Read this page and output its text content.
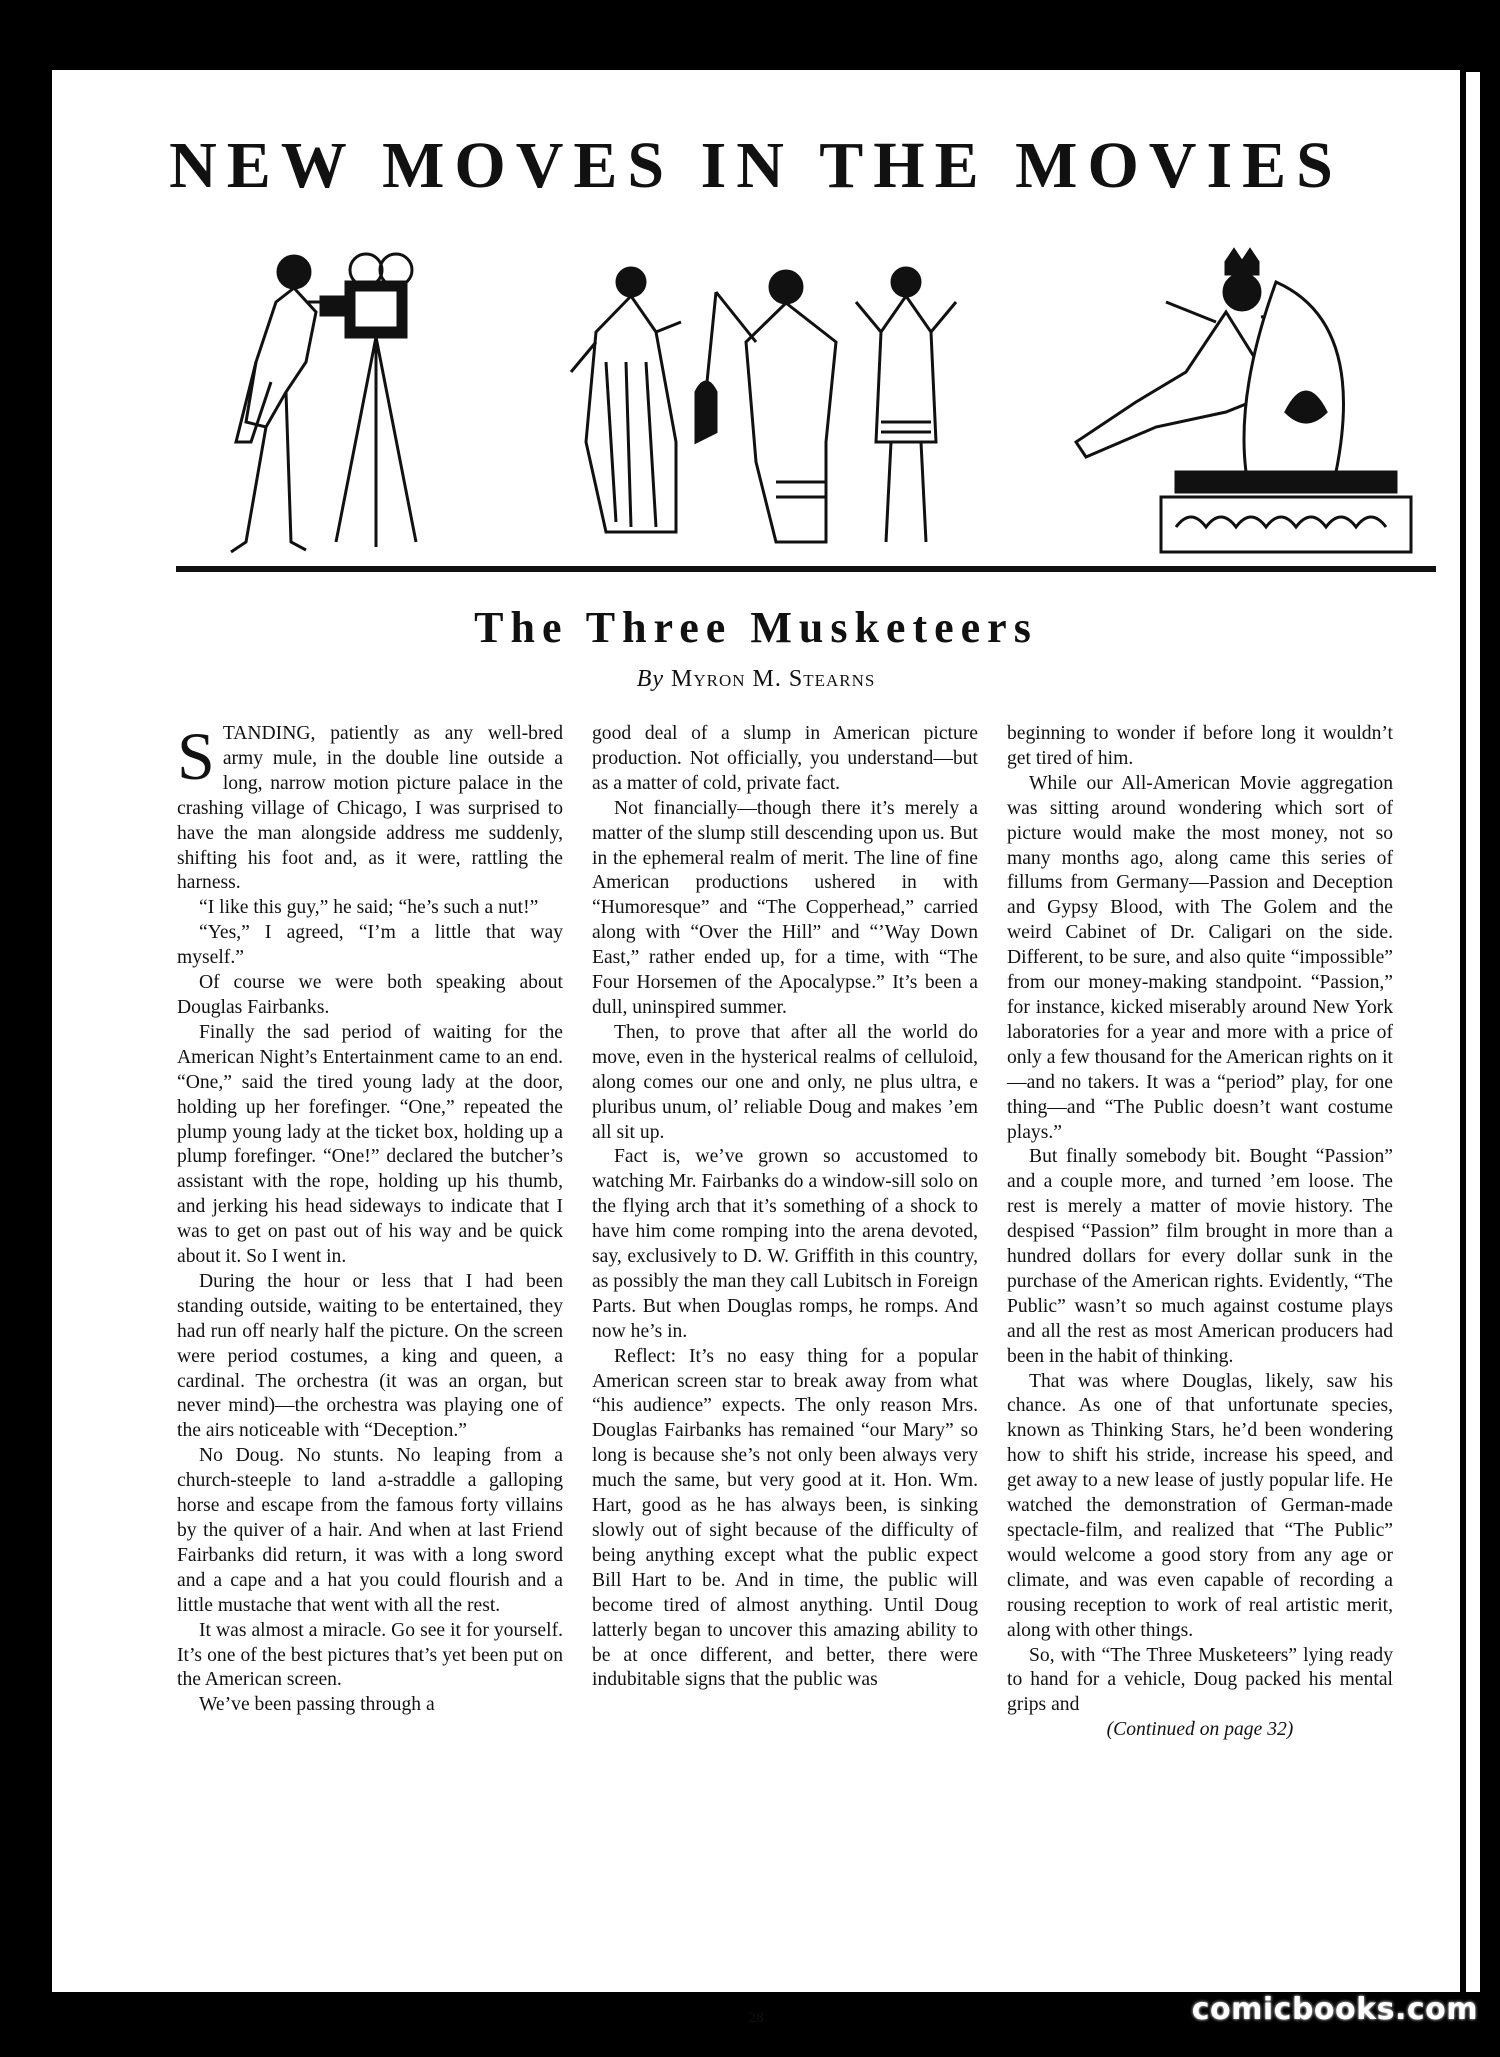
NEW MOVES IN THE MOVIES
The Three Musketeers
By Myron M. Stearns

STANDING, patiently as any well-bred army mule, in the double line outside a long, narrow motion picture palace in the crashing village of Chicago, I was surprised to have the man alongside address me suddenly, shifting his foot and, as it were, rattling the harness.

“I like this guy,” he said; “he’s such a nut!”

“Yes,” I agreed, “I’m a little that way myself.”

Of course we were both speaking about Douglas Fairbanks.

Finally the sad period of waiting for the American Night’s Entertainment came to an end. “One,” said the tired young lady at the door, holding up her forefinger. “One,” repeated the plump young lady at the ticket box, holding up a plump forefinger. “One!” declared the butcher’s assistant with the rope, holding up his thumb, and jerking his head sideways to indicate that I was to get on past out of his way and be quick about it. So I went in.

During the hour or less that I had been standing outside, waiting to be entertained, they had run off nearly half the picture. On the screen were period costumes, a king and queen, a cardinal. The orchestra (it was an organ, but never mind)—the orchestra was playing one of the airs noticeable with “Deception.”

No Doug. No stunts. No leaping from a church-steeple to land a-straddle a galloping horse and escape from the famous forty villains by the quiver of a hair. And when at last Friend Fairbanks did return, it was with a long sword and a cape and a hat you could flourish and a little mustache that went with all the rest.

It was almost a miracle. Go see it for yourself. It’s one of the best pictures that’s yet been put on the American screen.

We’ve been passing through a

good deal of a slump in American picture production. Not officially, you understand—but as a matter of cold, private fact.

Not financially—though there it’s merely a matter of the slump still descending upon us. But in the ephemeral realm of merit. The line of fine American productions ushered in with “Humoresque” and “The Copperhead,” carried along with “Over the Hill” and “’Way Down East,” rather ended up, for a time, with “The Four Horsemen of the Apocalypse.” It’s been a dull, uninspired summer.

Then, to prove that after all the world do move, even in the hysterical realms of celluloid, along comes our one and only, ne plus ultra, e pluribus unum, ol’ reliable Doug and makes ’em all sit up.

Fact is, we’ve grown so accustomed to watching Mr. Fairbanks do a window-sill solo on the flying arch that it’s something of a shock to have him come romping into the arena devoted, say, exclusively to D. W. Griffith in this country, as possibly the man they call Lubitsch in Foreign Parts. But when Douglas romps, he romps. And now he’s in.

Reflect: It’s no easy thing for a popular American screen star to break away from what “his audience” expects. The only reason Mrs. Douglas Fairbanks has remained “our Mary” so long is because she’s not only been always very much the same, but very good at it. Hon. Wm. Hart, good as he has always been, is sinking slowly out of sight because of the difficulty of being anything except what the public expect Bill Hart to be. And in time, the public will become tired of almost anything. Until Doug latterly began to uncover this amazing ability to be at once different, and better, there were indubitable signs that the public was

beginning to wonder if before long it wouldn’t get tired of him.

While our All-American Movie aggregation was sitting around wondering which sort of picture would make the most money, not so many months ago, along came this series of fillums from Germany—Passion and Deception and Gypsy Blood, with The Golem and the weird Cabinet of Dr. Caligari on the side. Different, to be sure, and also quite “impossible” from our money-making standpoint. “Passion,” for instance, kicked miserably around New York laboratories for a year and more with a price of only a few thousand for the American rights on it—and no takers. It was a “period” play, for one thing—and “The Public doesn’t want costume plays.”

But finally somebody bit. Bought “Passion” and a couple more, and turned ’em loose. The rest is merely a matter of movie history. The despised “Passion” film brought in more than a hundred dollars for every dollar sunk in the purchase of the American rights. Evidently, “The Public” wasn’t so much against costume plays and all the rest as most American producers had been in the habit of thinking.

That was where Douglas, likely, saw his chance. As one of that unfortunate species, known as Thinking Stars, he’d been wondering how to shift his stride, increase his speed, and get away to a new lease of justly popular life. He watched the demonstration of German-made spectacle-film, and realized that “The Public” would welcome a good story from any age or climate, and was even capable of recording a rousing reception to work of real artistic merit, along with other things.

So, with “The Three Musketeers” lying ready to hand for a vehicle, Doug packed his mental grips and

(Continued on page 32)

28	comicbooks.com
